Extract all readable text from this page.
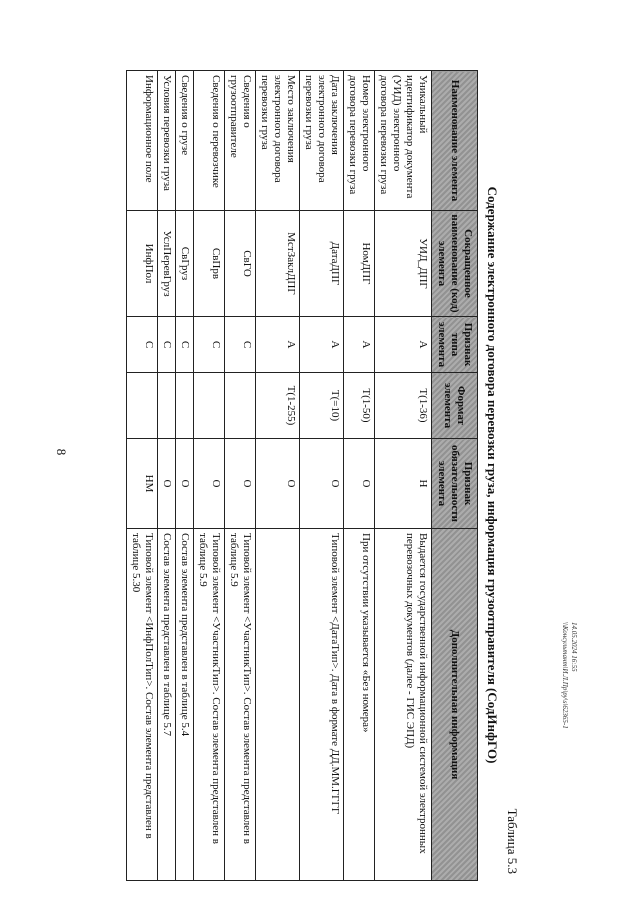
8
Таблица 5.3
Содержание электронного договора перевозки груза, информация грузоотправителя (СодИнфГО)
Наименование элемента	Сокращенное наименование (код) элемента	Признак типа элемента	Формат элемента	Признак обязательности элемента	Дополнительная информация
Уникальный идентификатор документа (УИД) электронного договора перевозки груза	УИД_ДПГ	A	T(1-36)	Н	Выдается государственной информационной системой электронных перевозочных документов (далее - ГИС ЭПД)
Номер электронного договора перевозки груза	НомДПГ	A	T(1-50)	О	При отсутствии указывается «Без номера»
Дата заключения электронного договора перевозки груза	ДатаДПГ	A	T(=10)	О	Типовой элемент <ДатаТип>. Дата в формате ДД.ММ.ГГГГ
Место заключения электронного договора перевозки груза	МстЗаклДПГ	A	T(1-255)	О	
Сведения о грузоотправителе	СвГО	С		О	Типовой элемент <УчастникТип>. Состав элемента представлен в таблице 5.9
Сведения о перевозчике	СвПрв	С		О	Типовой элемент <УчастникТип>. Состав элемента представлен в таблице 5.9
Сведения о грузе	СвГруз	С		О	Состав элемента представлен в таблице 5.4
Условия перевозки груза	УслПеревГруз	С		О	Состав элемента представлен в таблице 5.7
Информационное поле	ИнфПол	С		НМ	Типовой элемент <ИнфПолТип>. Состав элемента представлен в таблице 5.30
14.05.2024 16:55
\\Консультант\И.Л.Пр\ру\s\62365-1
